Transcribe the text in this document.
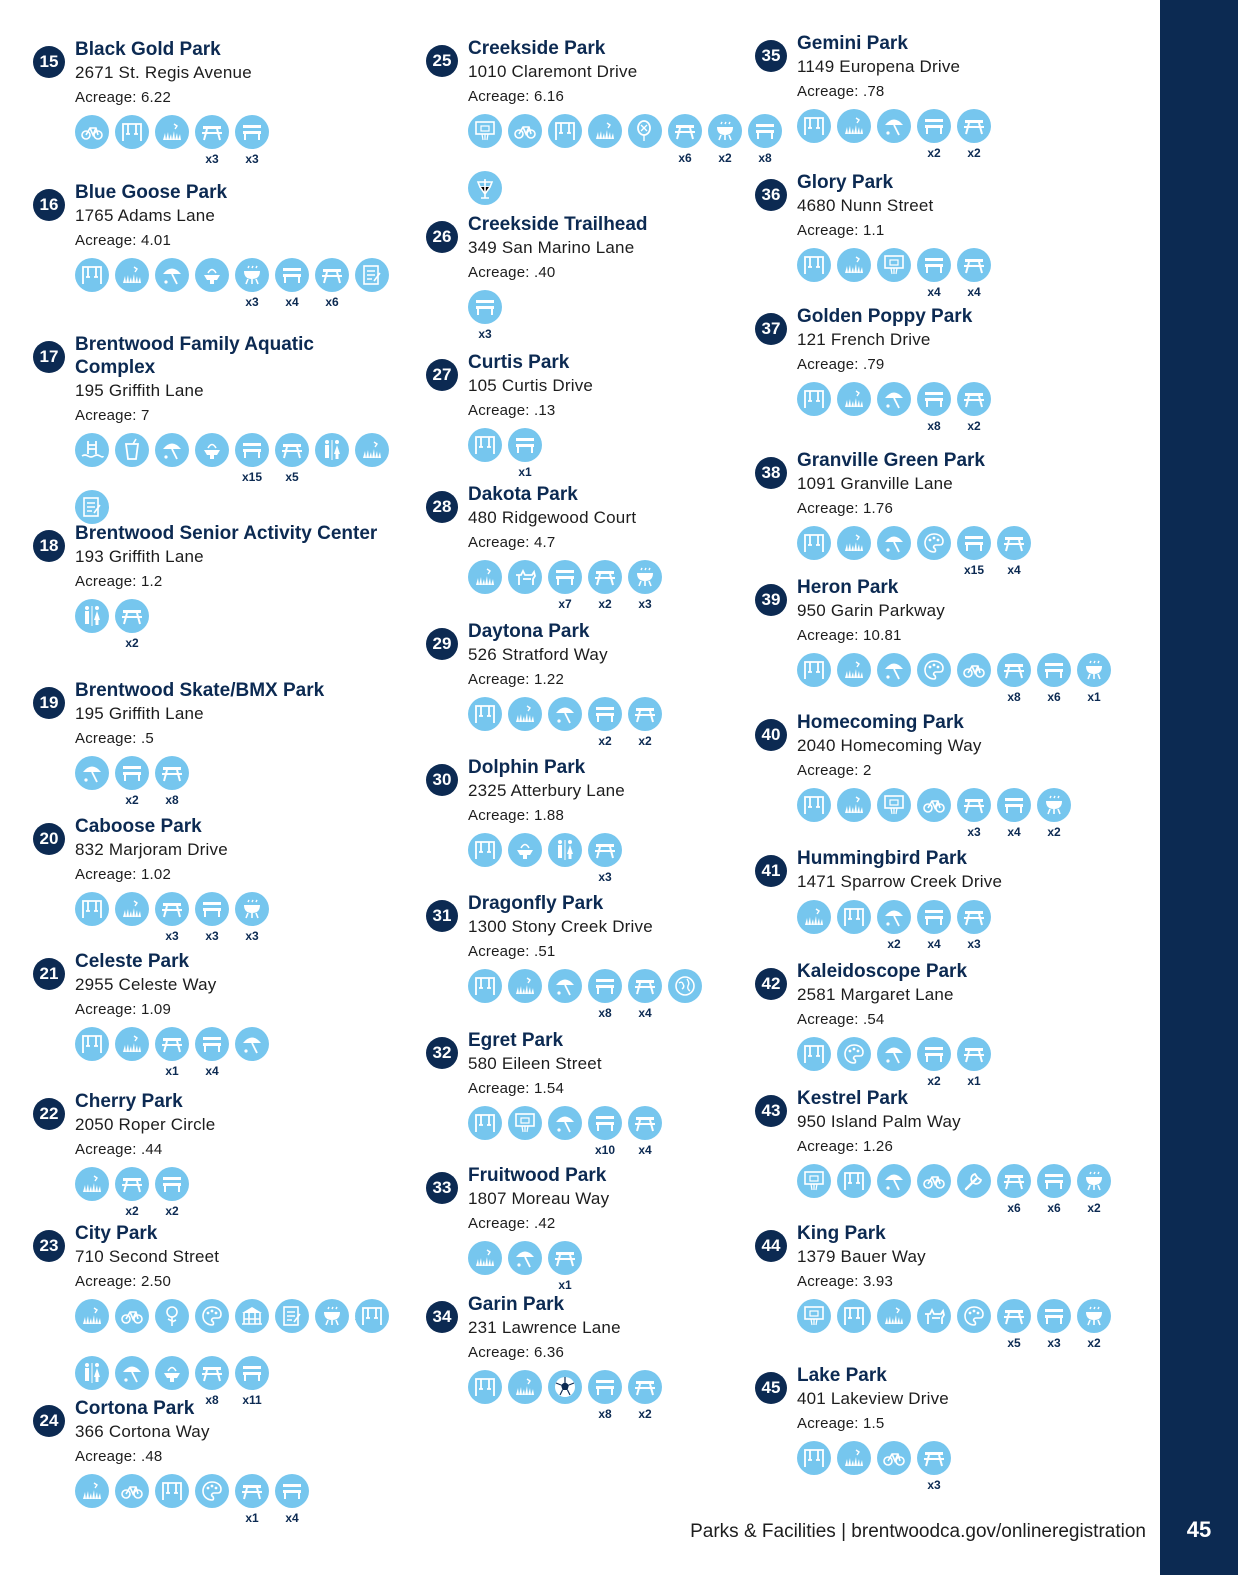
45
Parks & Facilities | brentwoodca.gov/onlineregistration
15
Black Gold Park
2671 St. Regis Avenue
Acreage: 6.22
x3	x3
16
Blue Goose Park
1765 Adams Lane
Acreage: 4.01
x3	x4	x6
17
Brentwood Family Aquatic Complex
195 Griffith Lane
Acreage: 7
x15	x5
18
Brentwood Senior Activity Center
193 Griffith Lane
Acreage: 1.2
x2
19
Brentwood Skate/BMX Park
195 Griffith Lane
Acreage: .5
x2	x8
20
Caboose Park
832 Marjoram Drive
Acreage: 1.02
x3	x3	x3
21
Celeste Park
2955 Celeste Way
Acreage: 1.09
x1	x4
22
Cherry Park
2050 Roper Circle
Acreage: .44
x2	x2
23
City Park
710 Second Street
Acreage: 2.50
x8	x11
24
Cortona Park
366 Cortona Way
Acreage: .48
x1	x4
25
Creekside Park
1010 Claremont Drive
Acreage: 6.16
x6	x2	x8
26
Creekside Trailhead
349 San Marino Lane
Acreage: .40
x3
27
Curtis Park
105 Curtis Drive
Acreage: .13
x1
28
Dakota Park
480 Ridgewood Court
Acreage: 4.7
x7	x2	x3
29
Daytona Park
526 Stratford Way
Acreage: 1.22
x2	x2
30
Dolphin Park
2325 Atterbury Lane
Acreage: 1.88
x3
31
Dragonfly Park
1300 Stony Creek Drive
Acreage: .51
x8	x4
32
Egret Park
580 Eileen Street
Acreage: 1.54
x10	x4
33
Fruitwood Park
1807 Moreau Way
Acreage: .42
x1
34
Garin Park
231 Lawrence Lane
Acreage: 6.36
x8	x2
35
Gemini Park
1149 Europena Drive
Acreage: .78
x2	x2
36
Glory Park
4680 Nunn Street
Acreage: 1.1
x4	x4
37
Golden Poppy Park
121 French Drive
Acreage: .79
x8	x2
38
Granville Green Park
1091 Granville Lane
Acreage: 1.76
x15	x4
39
Heron Park
950 Garin Parkway
Acreage: 10.81
x8	x6	x1
40
Homecoming Park
2040 Homecoming Way
Acreage: 2
x3	x4	x2
41
Hummingbird Park
1471 Sparrow Creek Drive
x2	x4	x3
42
Kaleidoscope Park
2581 Margaret Lane
Acreage: .54
x2	x1
43
Kestrel Park
950 Island Palm Way
Acreage: 1.26
x6	x6	x2
44
King Park
1379 Bauer Way
Acreage: 3.93
x5	x3	x2
45
Lake Park
401 Lakeview Drive
Acreage: 1.5
x3
